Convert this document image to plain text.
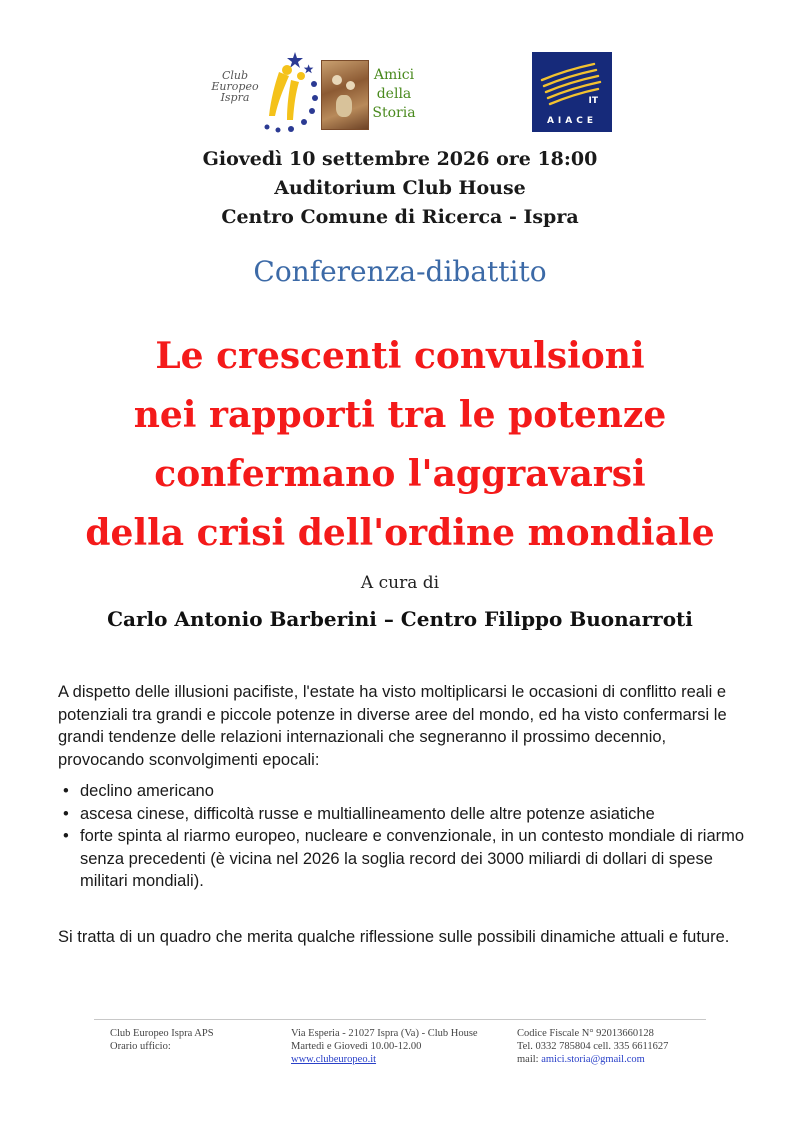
Club
Europeo
Ispra
Amici
della
Storia
IT
AIACE
Giovedì 10 settembre 2026 ore 18:00
Auditorium Club House
Centro Comune di Ricerca - Ispra
Conferenza-dibattito
Le crescenti convulsioni
nei rapporti tra le potenze
confermano l'aggravarsi
della crisi dell'ordine mondiale
A cura di
Carlo Antonio Barberini – Centro Filippo Buonarroti
A dispetto delle illusioni pacifiste, l'estate ha visto moltiplicarsi le occasioni di conflitto reali e potenziali tra grandi e piccole potenze in diverse aree del mondo, ed ha visto confermarsi le grandi tendenze delle relazioni internazionali che segneranno il prossimo decennio, provocando sconvolgimenti epocali:
• declino americano
• ascesa cinese, difficoltà russe e multiallineamento delle altre potenze asiatiche
• forte spinta al riarmo europeo, nucleare e convenzionale, in un contesto mondiale di riarmo senza precedenti (è vicina nel 2026 la soglia record dei 3000 miliardi di dollari di spese militari mondiali).
Si tratta di un quadro che merita qualche riflessione sulle possibili dinamiche attuali e future.
Club Europeo Ispra APS
Orario ufficio:
Via Esperia - 21027 Ispra (Va) - Club House
Martedì e Giovedì 10.00-12.00
www.clubeuropeo.it
Codice Fiscale N° 92013660128
Tel. 0332 785804 cell. 335 6611627
mail: amici.storia@gmail.com
